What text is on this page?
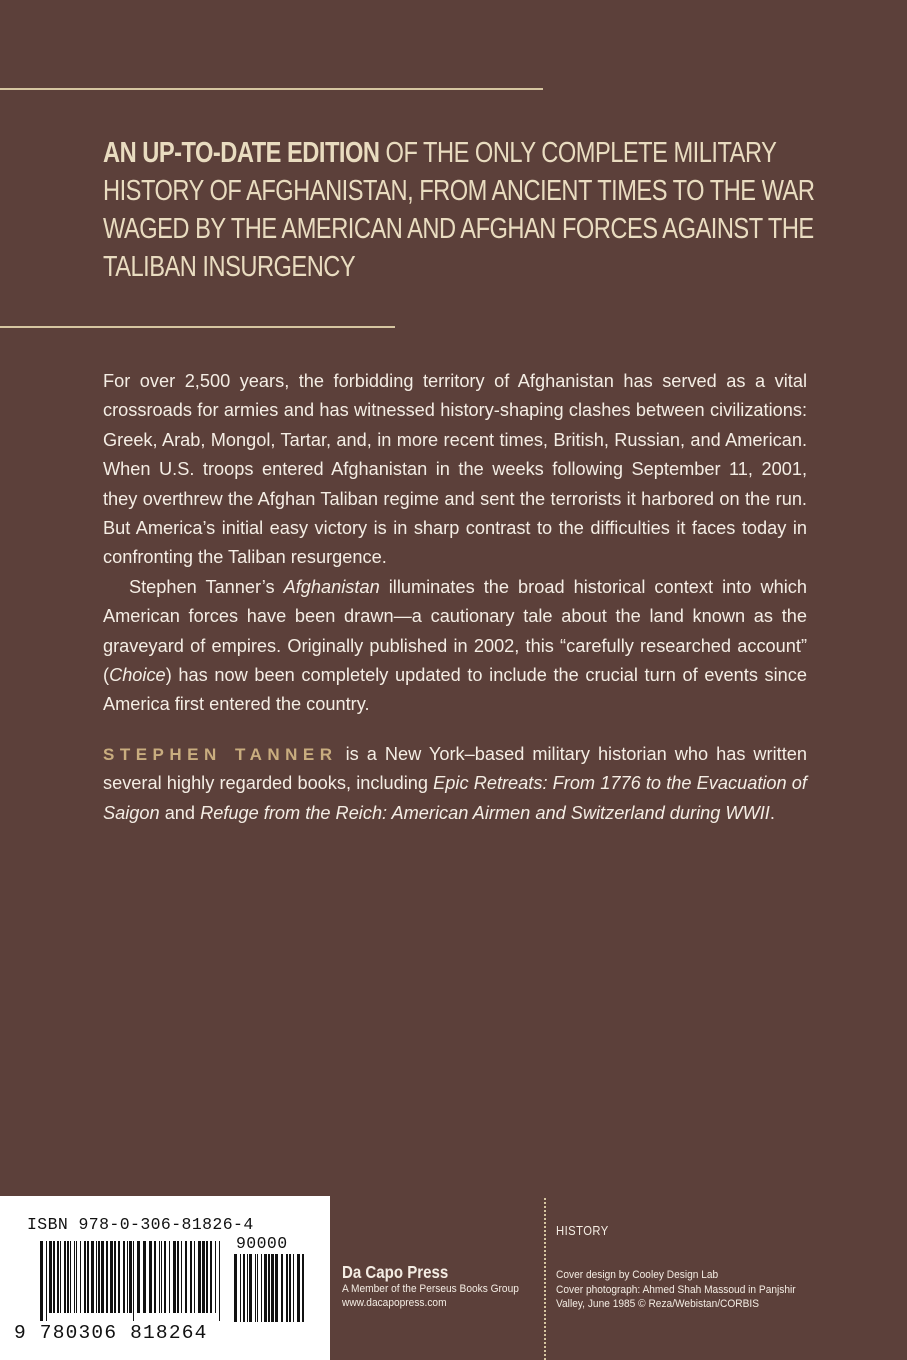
AN UP-TO-DATE EDITION OF THE ONLY COMPLETE MILITARY HISTORY OF AFGHANISTAN, FROM ANCIENT TIMES TO THE WAR WAGED BY THE AMERICAN AND AFGHAN FORCES AGAINST THE TALIBAN INSURGENCY

For over 2,500 years, the forbidding territory of Afghanistan has served as a vital crossroads for armies and has witnessed history-shaping clashes between civilizations: Greek, Arab, Mongol, Tartar, and, in more recent times, British, Russian, and American. When U.S. troops entered Afghanistan in the weeks following September 11, 2001, they overthrew the Afghan Taliban regime and sent the terrorists it harbored on the run. But America’s initial easy victory is in sharp contrast to the difficulties it faces today in confronting the Taliban resurgence.

Stephen Tanner’s Afghanistan illuminates the broad historical context into which American forces have been drawn—a cautionary tale about the land known as the graveyard of empires. Originally published in 2002, this “carefully researched account” (Choice) has now been completely updated to include the crucial turn of events since America first entered the country.

STEPHEN TANNER is a New York–based military historian who has written several highly regarded books, including Epic Retreats: From 1776 to the Evacuation of Saigon and Refuge from the Reich: American Airmen and Switzerland during WWII.

ISBN 978-0-306-81826-4
90000
9 780306 818264
Da Capo Press
A Member of the Perseus Books Group
www.dacapopress.com
HISTORY
Cover design by Cooley Design Lab
Cover photograph: Ahmed Shah Massoud in Panjshir
Valley, June 1985 © Reza/Webistan/CORBIS
